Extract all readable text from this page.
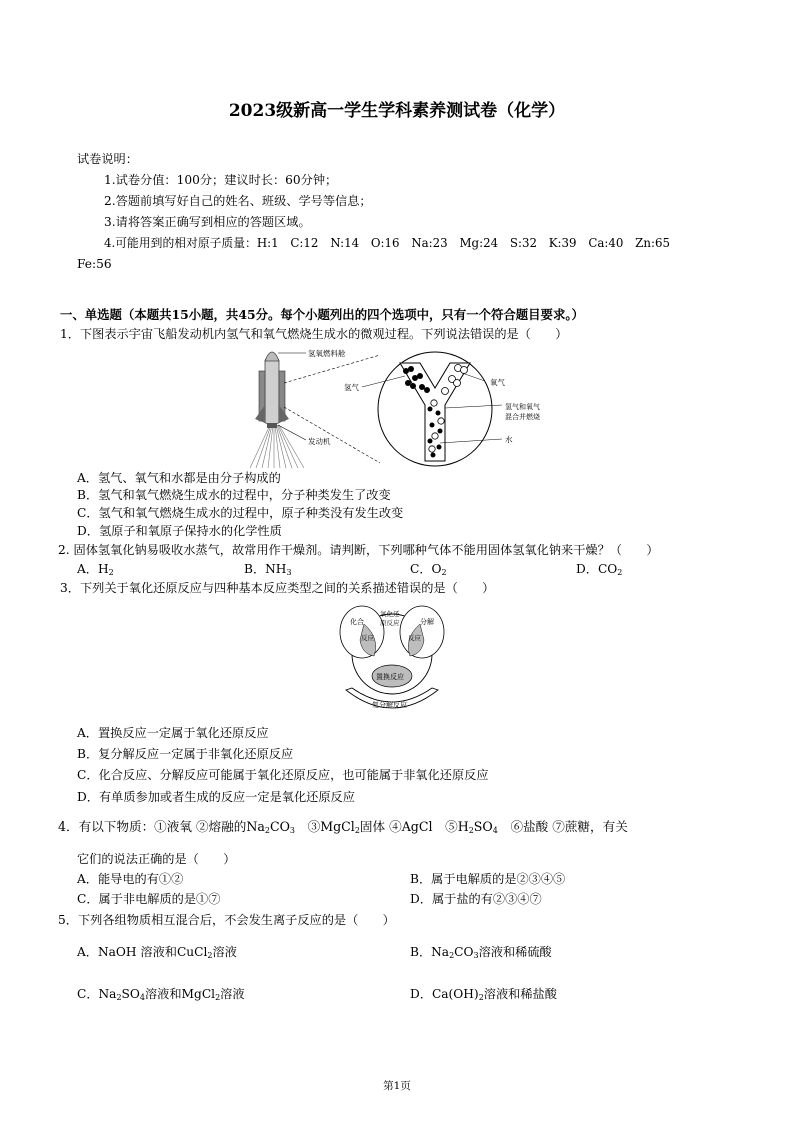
2023级新高一学生学科素养测试卷（化学）
试卷说明：
1.试卷分值：100分；建议时长：60分钟；
2.答题前填写好自己的姓名、班级、学号等信息；
3.请将答案正确写到相应的答题区域。
4.可能用到的相对原子质量：H:1　C:12　N:14　O:16　Na:23　Mg:24　S:32　K:39　Ca:40　Zn:65
Fe:56
一、单选题（本题共15小题，共45分。每个小题列出的四个选项中，只有一个符合题目要求。）
1．下图表示宇宙飞船发动机内氢气和氧气燃烧生成水的微观过程。下列说法错误的是（　　）
氢氧燃料舱
发动机
氢气
氧气
氢气和氧气
混合并燃烧
水
A．氢气、氧气和水都是由分子构成的
B．氢气和氧气燃烧生成水的过程中，分子种类发生了改变
C．氢气和氧气燃烧生成水的过程中，原子种类没有发生改变
D．氢原子和氧原子保持水的化学性质
2. 固体氢氧化钠易吸收水蒸气，故常用作干燥剂。请判断，下列哪种气体不能用固体氢氧化钠来干燥？（　　）
A．$H_2$	B．$NH_3$	C．$O_2$	D．$CO_2$
3．下列关于氧化还原反应与四种基本反应类型之间的关系描述错误的是（　　）
化合
氧化还
原反应	分解
反应	反应
置换反应
复分解反应
A．置换反应一定属于氧化还原反应
B．复分解反应一定属于非氧化还原反应
C．化合反应、分解反应可能属于氧化还原反应，也可能属于非氧化还原反应
D．有单质参加或者生成的反应一定是氧化还原反应
4．有以下物质：①液氧 ②熔融的$Na_2CO_3$　③MgCl$_2$固体 ④AgCl　$⑤H_2SO_4$　⑥盐酸 ⑦蔗糖，有关
它们的说法正确的是（　　）
A．能导电的有①②	B．属于电解质的是②③④⑤
C．属于非电解质的是①⑦	D．属于盐的有②③④⑦
5．下列各组物质相互混合后，不会发生离子反应的是（　　）
A．NaOH 溶液和CuCl$_2$溶液	B．$Na_2CO_3$溶液和稀硫酸
C．$Na_2SO_4$溶液和MgCl$_2$溶液	D．$Ca(OH)_2$溶液和稀盐酸
第1页
